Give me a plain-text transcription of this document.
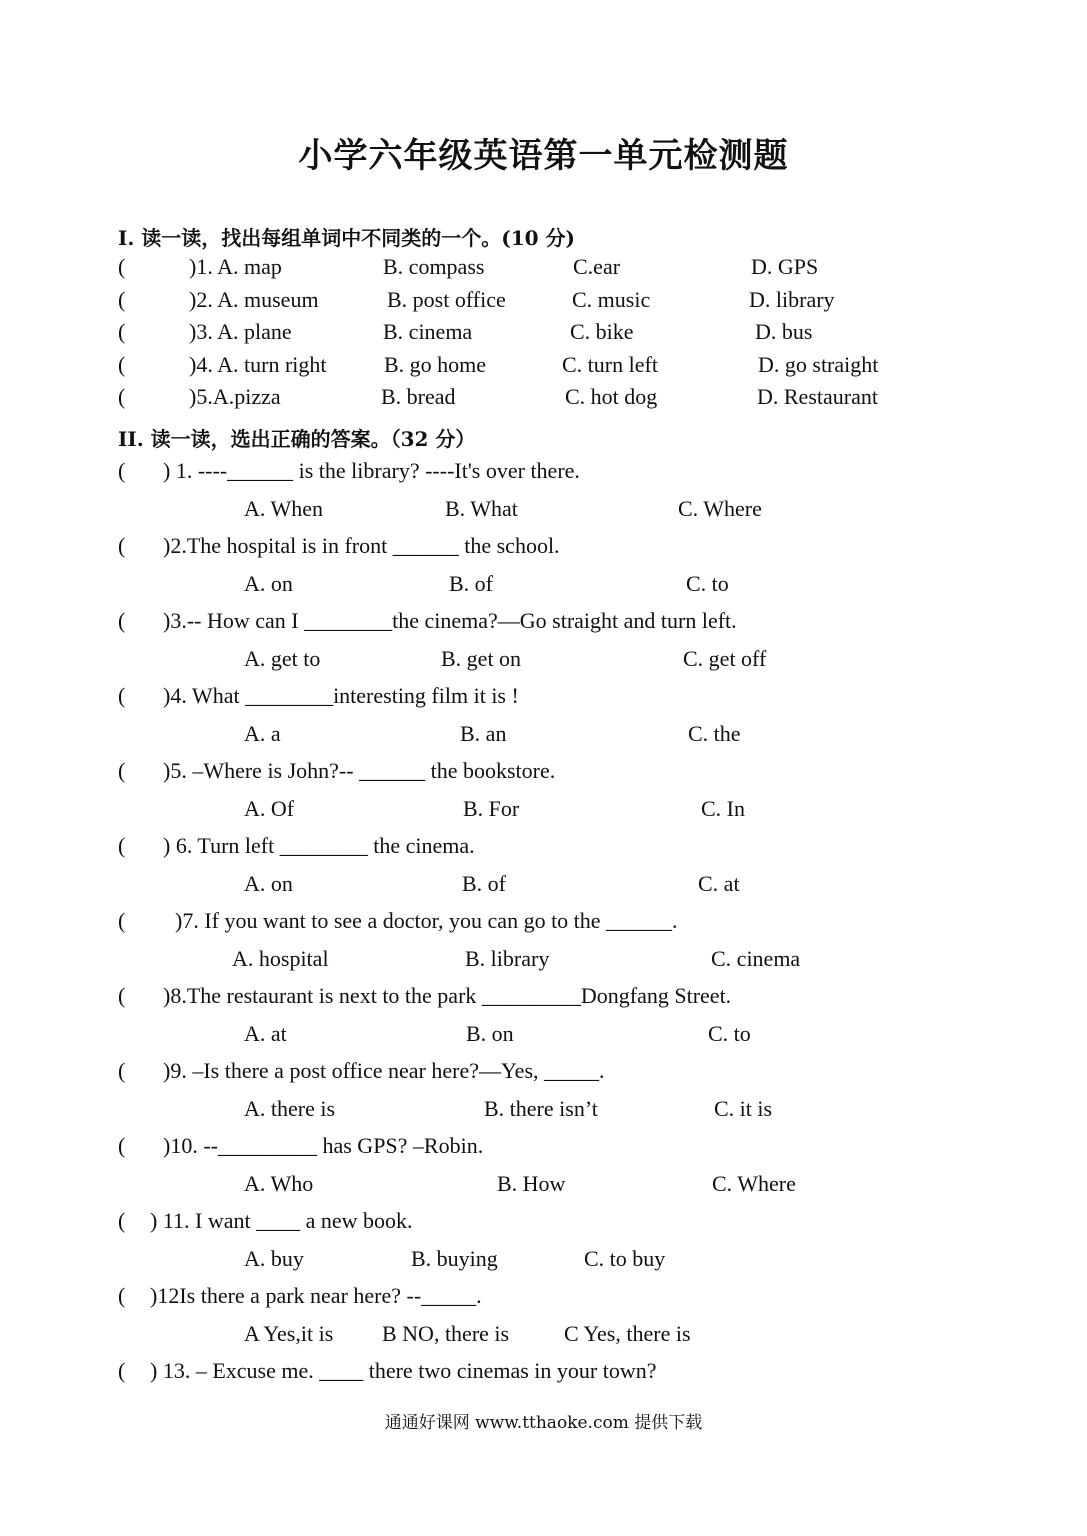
小学六年级英语第一单元检测题
I. 读一读，找出每组单词中不同类的一个。(10 分)
(	)1. A. map	B. compass	C.ear	D. GPS
(	)2. A. museum	B. post office	C. music	D. library
(	)3. A. plane	B. cinema	C. bike	D. bus
(	)4. A. turn right	B. go home	C. turn left	D. go straight
(	)5.A.pizza	B. bread	C. hot dog	D. Restaurant
II. 读一读，选出正确的答案。（32 分）
( ) 1. ----______ is the library? ----It's over there.
A. When	B. What	C. Where
( )2.The hospital is in front ______ the school.
A. on	B. of	C. to
( )3.-- How can I ________the cinema?—Go straight and turn left.
A. get to	B. get on	C. get off
( )4. What ________interesting film it is !
A. a	B. an	C. the
( )5. –Where is John?-- ______ the bookstore.
A. Of	B. For	C. In
( ) 6. Turn left ________ the cinema.
A. on	B. of	C. at
( )7. If you want to see a doctor, you can go to the ______.
A. hospital	B. library	C. cinema
( )8.The restaurant is next to the park _________Dongfang Street.
A. at	B. on	C. to
( )9. –Is there a post office near here?—Yes, _____.
A. there is	B. there isn’t	C. it is
( )10. --_________ has GPS? –Robin.
A. Who	B. How	C. Where
( ) 11. I want ____ a new book.
A. buy	B. buying	C. to buy
( )12Is there a park near here? --_____.
A Yes,it is B NO, there is C Yes, there is
( ) 13. – Excuse me. ____ there two cinemas in your town?
通通好课网 www.tthaoke.com 提供下载
